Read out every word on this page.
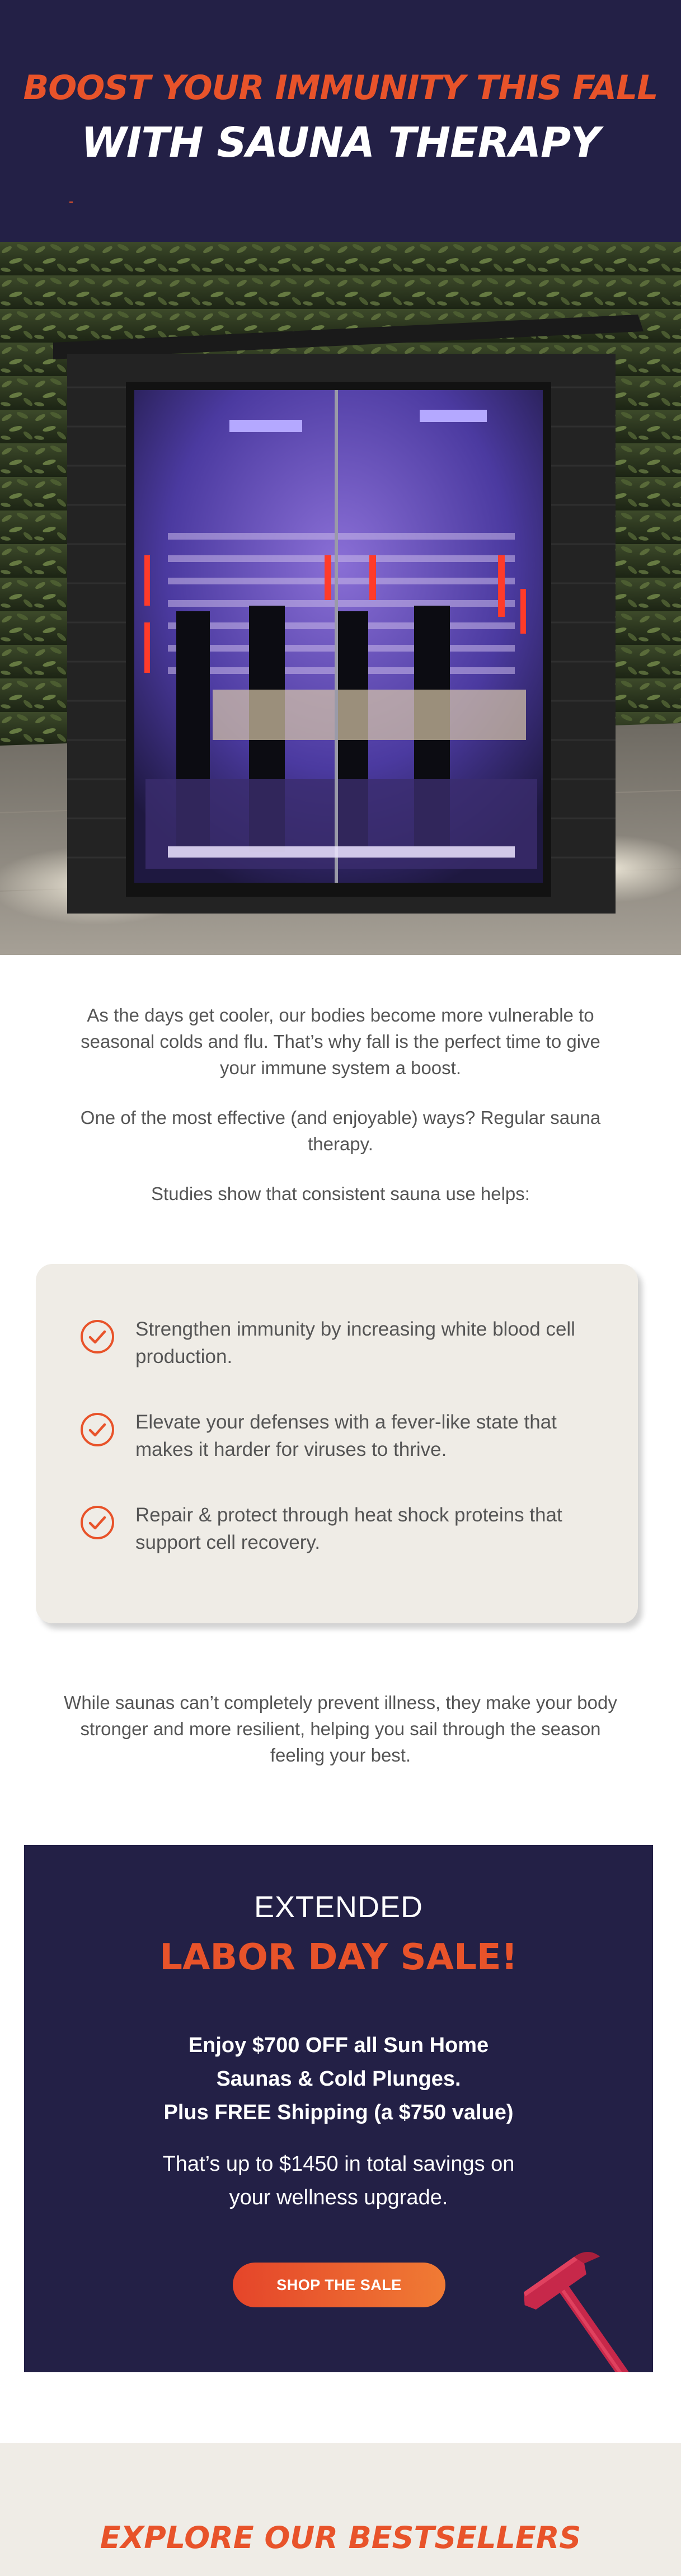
BOOST YOUR IMMUNITY THIS FALL
WITH SAUNA THERAPY

As the days get cooler, our bodies become more vulnerable to seasonal colds and flu. That’s why fall is the perfect time to give your immune system a boost.

One of the most effective (and enjoyable) ways? Regular sauna therapy.

Studies show that consistent sauna use helps:

Strengthen immunity by increasing white blood cell production.
Elevate your defenses with a fever-like state that makes it harder for viruses to thrive.
Repair & protect through heat shock proteins that support cell recovery.

While saunas can’t completely prevent illness, they make your body stronger and more resilient, helping you sail through the season feeling your best.

EXTENDED
LABOR DAY SALE!
Enjoy $700 OFF all Sun Home
Saunas & Cold Plunges.
Plus FREE Shipping (a $750 value)
That’s up to $1450 in total savings on
your wellness upgrade.
SHOP THE SALE
EXPLORE OUR BESTSELLERS
